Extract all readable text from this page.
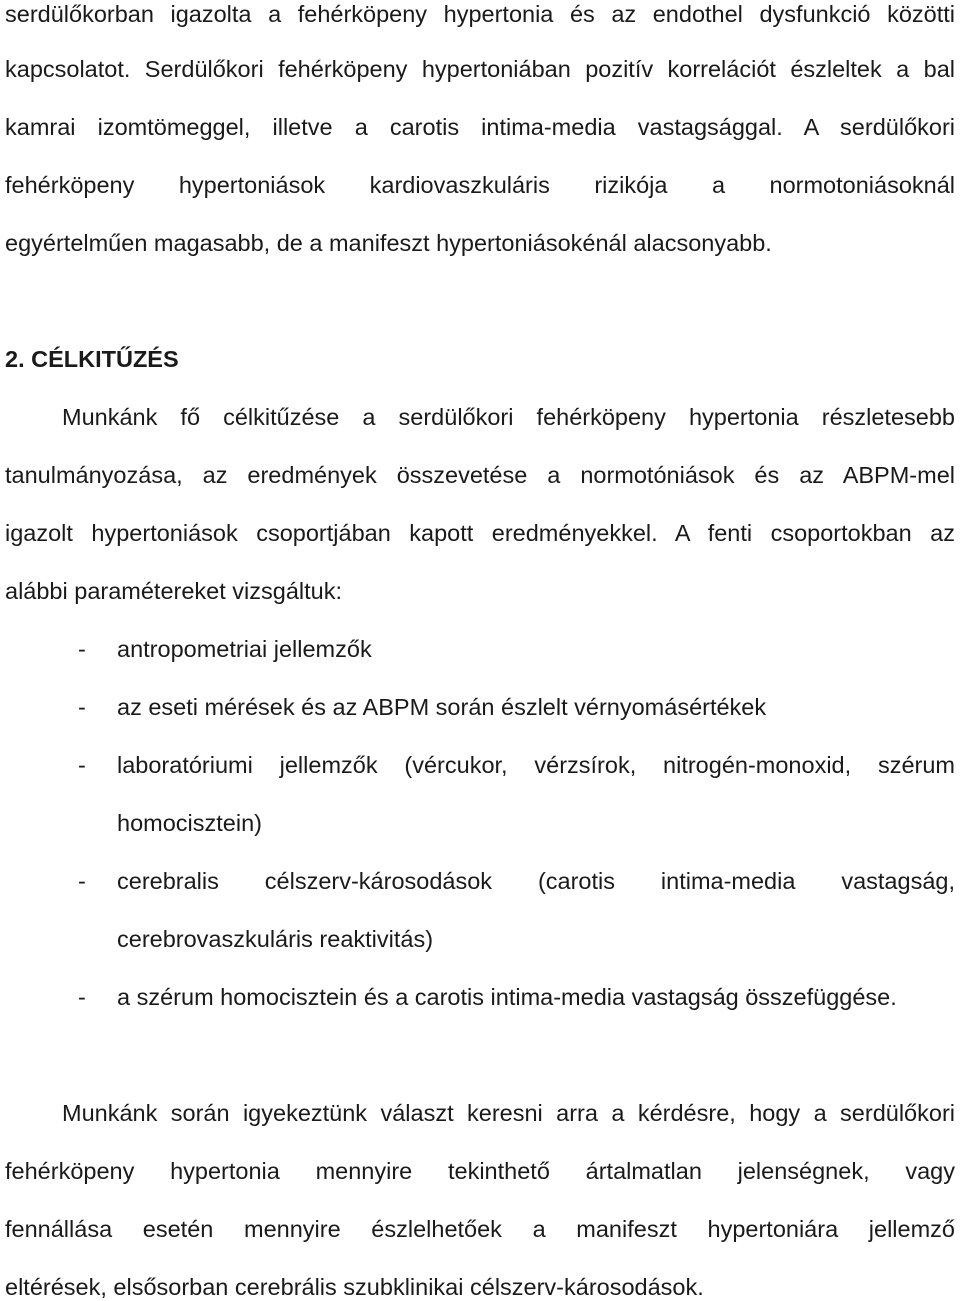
serdülőkorban igazolta a fehérköpeny hypertonia és az endothel dysfunkció közötti
kapcsolatot. Serdülőkori fehérköpeny hypertoniában pozitív korrelációt észleltek a bal
kamrai izomtömeggel, illetve a carotis intima-media vastagsággal. A serdülőkori
fehérköpeny hypertoniások kardiovaszkuláris rizikója a normotoniásoknál
egyértelműen magasabb, de a manifeszt hypertoniásokénál alacsonyabb.
2. CÉLKITŰZÉS
Munkánk fő célkitűzése a serdülőkori fehérköpeny hypertonia részletesebb
tanulmányozása, az eredmények összevetése a normotóniások és az ABPM-mel
igazolt hypertoniások csoportjában kapott eredményekkel. A fenti csoportokban az
alábbi paramétereket vizsgáltuk:
- antropometriai jellemzők
- az eseti mérések és az ABPM során észlelt vérnyomásértékek
- laboratóriumi jellemzők (vércukor, vérzsírok, nitrogén-monoxid, szérum
homocisztein)
- cerebralis célszerv-károsodások (carotis intima-media vastagság,
cerebrovaszkuláris reaktivitás)
- a szérum homocisztein és a carotis intima-media vastagság összefüggése.
Munkánk során igyekeztünk választ keresni arra a kérdésre, hogy a serdülőkori
fehérköpeny hypertonia mennyire tekinthető ártalmatlan jelenségnek, vagy
fennállása esetén mennyire észlelhetőek a manifeszt hypertoniára jellemző
eltérések, elsősorban cerebrális szubklinikai célszerv-károsodások.
